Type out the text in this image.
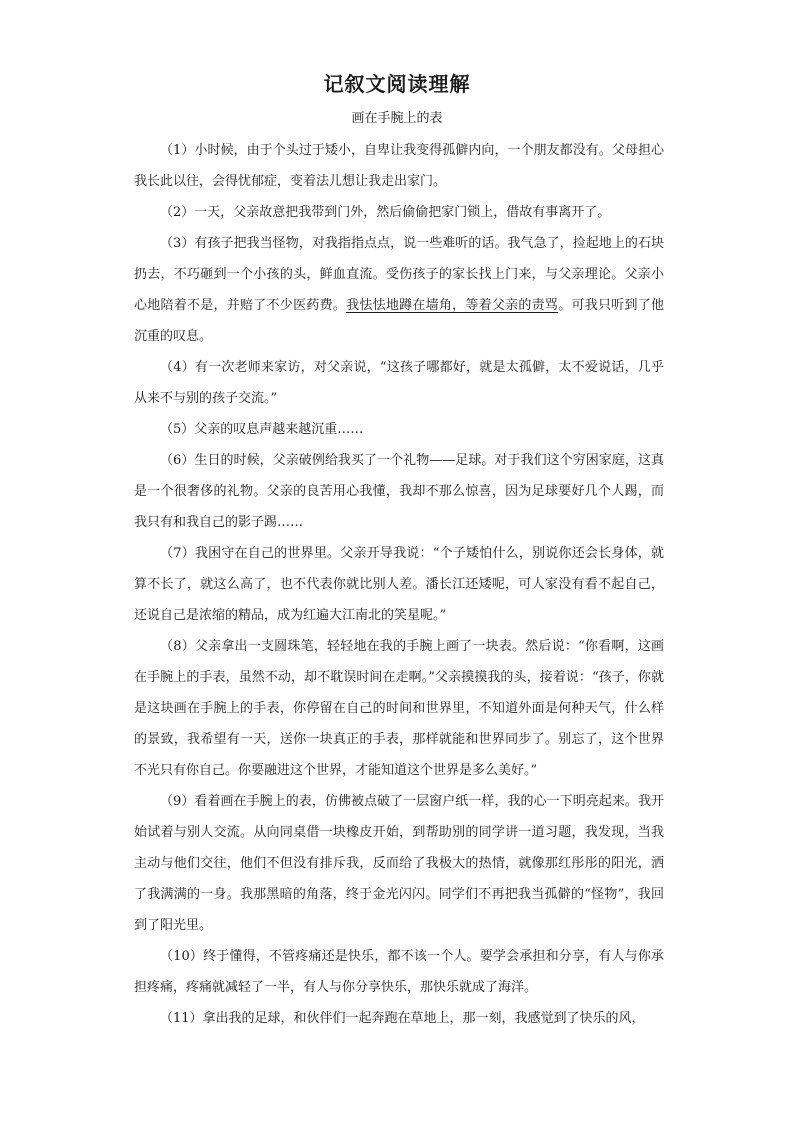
记叙文阅读理解
画在手腕上的表

（1）小时候，由于个头过于矮小，自卑让我变得孤僻内向，一个朋友都没有。父母担心我长此以往，会得忧郁症，变着法儿想让我走出家门。

（2）一天，父亲故意把我带到门外，然后偷偷把家门锁上，借故有事离开了。

（3）有孩子把我当怪物，对我指指点点，说一些难听的话。我气急了，捡起地上的石块扔去，不巧砸到一个小孩的头，鲜血直流。受伤孩子的家长找上门来，与父亲理论。父亲小心地陪着不是，并赔了不少医药费。我怯怯地蹲在墙角，等着父亲的责骂。可我只听到了他沉重的叹息。

（4）有一次老师来家访，对父亲说，“这孩子哪都好，就是太孤僻，太不爱说话，几乎从来不与别的孩子交流。”

（5）父亲的叹息声越来越沉重……

（6）生日的时候，父亲破例给我买了一个礼物——足球。对于我们这个穷困家庭，这真是一个很奢侈的礼物。父亲的良苦用心我懂，我却不那么惊喜，因为足球要好几个人踢，而我只有和我自己的影子踢……

（7）我困守在自己的世界里。父亲开导我说：“个子矮怕什么，别说你还会长身体，就算不长了，就这么高了，也不代表你就比别人差。潘长江还矮呢，可人家没有看不起自己，还说自己是浓缩的精品，成为红遍大江南北的笑星呢。”

（8）父亲拿出一支圆珠笔，轻轻地在我的手腕上画了一块表。然后说：“你看啊，这画在手腕上的手表，虽然不动，却不耽误时间在走啊。”父亲摸摸我的头，接着说：“孩子，你就是这块画在手腕上的手表，你停留在自己的时间和世界里，不知道外面是何种天气，什么样的景致，我希望有一天，送你一块真正的手表，那样就能和世界同步了。别忘了，这个世界不光只有你自己。你要融进这个世界，才能知道这个世界是多么美好。”

（9）看着画在手腕上的表，仿佛被点破了一层窗户纸一样，我的心一下明亮起来。我开始试着与别人交流。从向同桌借一块橡皮开始，到帮助别的同学讲一道习题，我发现，当我主动与他们交往，他们不但没有排斥我，反而给了我极大的热情，就像那红彤彤的阳光，洒了我满满的一身。我那黑暗的角落，终于金光闪闪。同学们不再把我当孤僻的“怪物”，我回到了阳光里。

（10）终于懂得，不管疼痛还是快乐，都不该一个人。要学会承担和分享，有人与你承担疼痛，疼痛就减轻了一半，有人与你分享快乐，那快乐就成了海洋。

（11）拿出我的足球，和伙伴们一起奔跑在草地上，那一刻，我感觉到了快乐的风，
